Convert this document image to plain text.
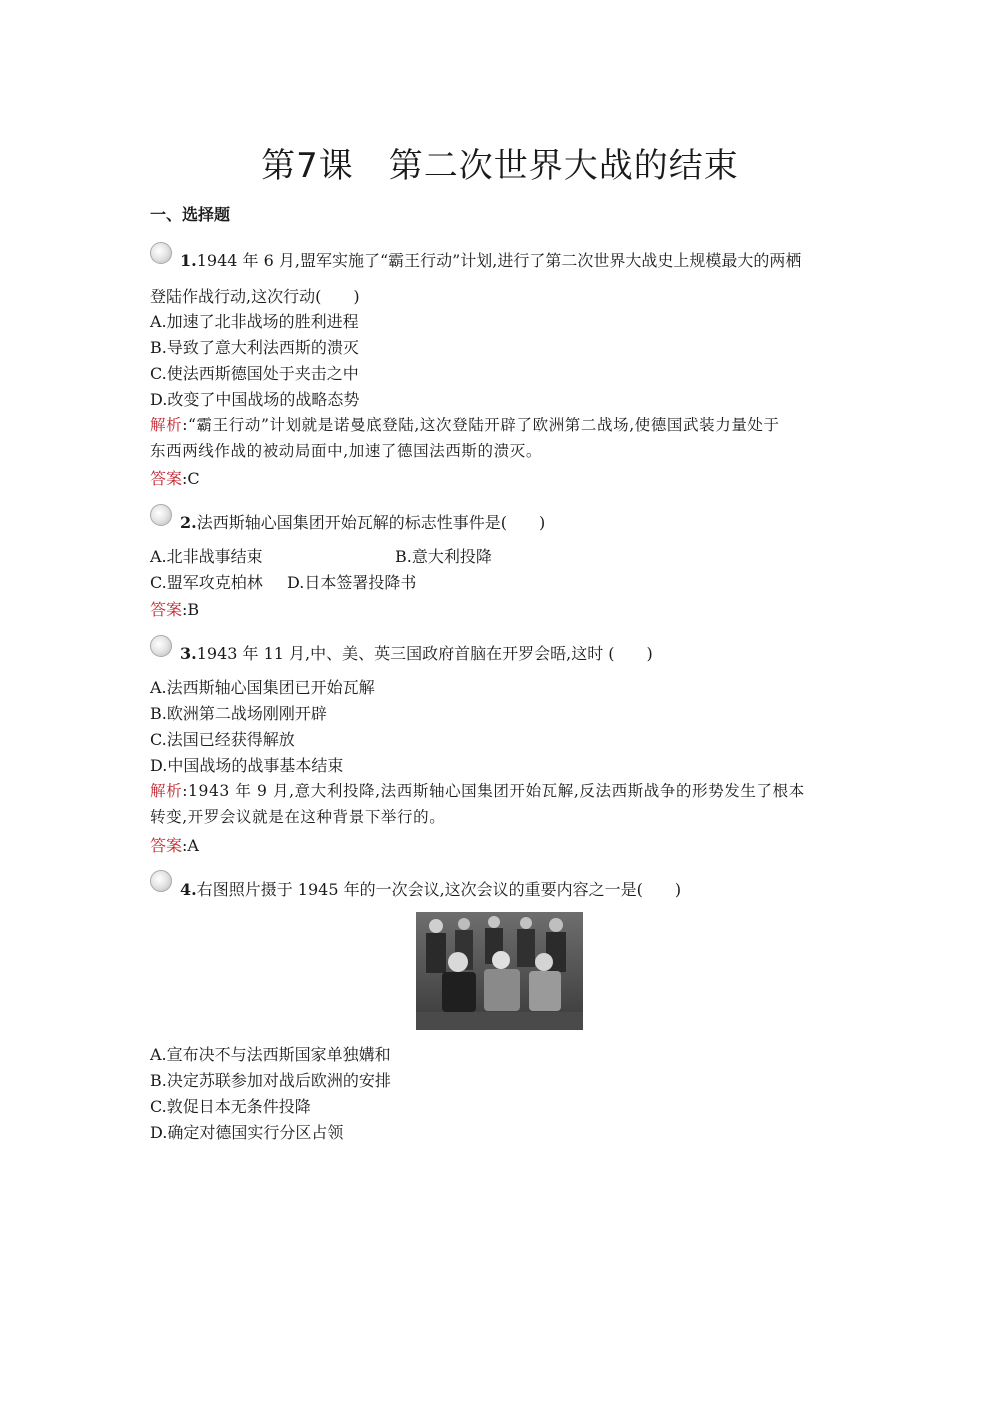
第7课　第二次世界大战的结束
一、选择题
1.1944 年 6 月,盟军实施了“霸王行动”计划,进行了第二次世界大战史上规模最大的两栖
登陆作战行动,这次行动(　　)
A.加速了北非战场的胜利进程
B.导致了意大利法西斯的溃灭
C.使法西斯德国处于夹击之中
D.改变了中国战场的战略态势
解析:“霸王行动”计划就是诺曼底登陆,这次登陆开辟了欧洲第二战场,使德国武装力量处于
东西两线作战的被动局面中,加速了德国法西斯的溃灭。
答案:C
2.法西斯轴心国集团开始瓦解的标志性事件是(　　)
A.北非战事结束	B.意大利投降
C.盟军攻克柏林 D.日本签署投降书
答案:B
3.1943 年 11 月,中、美、英三国政府首脑在开罗会晤,这时 (　　)
A.法西斯轴心国集团已开始瓦解
B.欧洲第二战场刚刚开辟
C.法国已经获得解放
D.中国战场的战事基本结束
解析:1943 年 9 月,意大利投降,法西斯轴心国集团开始瓦解,反法西斯战争的形势发生了根本
转变,开罗会议就是在这种背景下举行的。
答案:A
4.右图照片摄于 1945 年的一次会议,这次会议的重要内容之一是(　　)
A.宣布决不与法西斯国家单独媾和
B.决定苏联参加对战后欧洲的安排
C.敦促日本无条件投降
D.确定对德国实行分区占领
